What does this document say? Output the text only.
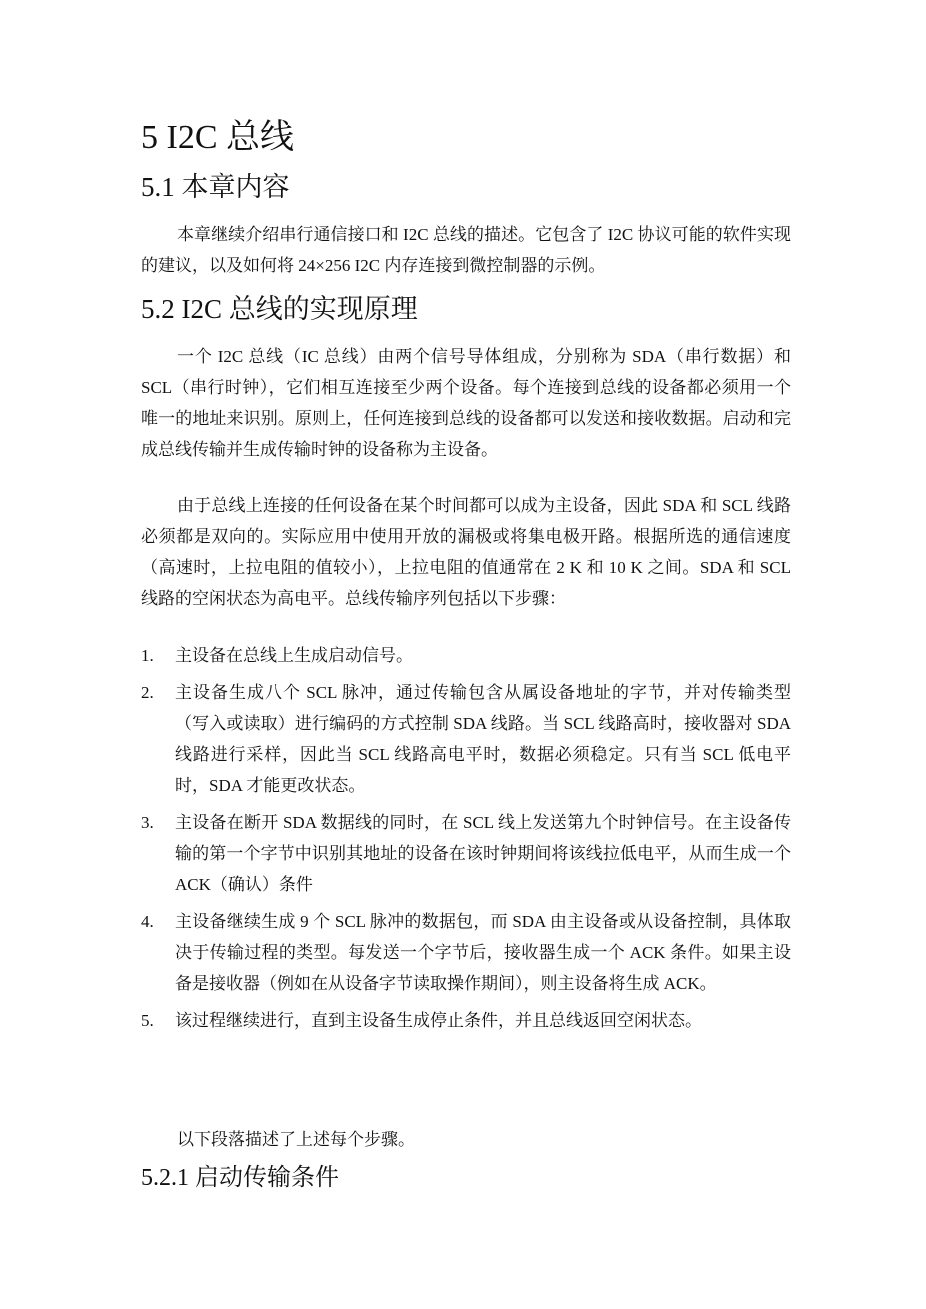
5 I2C 总线
5.1 本章内容

本章继续介绍串行通信接口和 I2C 总线的描述。它包含了 I2C 协议可能的软件实现的建议，以及如何将 24×256 I2C 内存连接到微控制器的示例。

5.2 I2C 总线的实现原理

一个 I2C 总线（IC 总线）由两个信号导体组成，分别称为 SDA（串行数据）和 SCL（串行时钟），它们相互连接至少两个设备。每个连接到总线的设备都必须用一个唯一的地址来识别。原则上，任何连接到总线的设备都可以发送和接收数据。启动和完成总线传输并生成传输时钟的设备称为主设备。

由于总线上连接的任何设备在某个时间都可以成为主设备，因此 SDA 和 SCL 线路必须都是双向的。实际应用中使用开放的漏极或将集电极开路。根据所选的通信速度（高速时，上拉电阻的值较小），上拉电阻的值通常在 2 K 和 10 K 之间。SDA 和 SCL 线路的空闲状态为高电平。总线传输序列包括以下步骤：

1.	主设备在总线上生成启动信号。
2.	主设备生成八个 SCL 脉冲，通过传输包含从属设备地址的字节，并对传输类型（写入或读取）进行编码的方式控制 SDA 线路。当 SCL 线路高时，接收器对 SDA 线路进行采样，因此当 SCL 线路高电平时，数据必须稳定。只有当 SCL 低电平时，SDA 才能更改状态。
3.	主设备在断开 SDA 数据线的同时，在 SCL 线上发送第九个时钟信号。在主设备传输的第一个字节中识别其地址的设备在该时钟期间将该线拉低电平，从而生成一个 ACK（确认）条件
4.	主设备继续生成 9 个 SCL 脉冲的数据包，而 SDA 由主设备或从设备控制，具体取决于传输过程的类型。每发送一个字节后，接收器生成一个 ACK 条件。如果主设备是接收器（例如在从设备字节读取操作期间），则主设备将生成 ACK。
5.	该过程继续进行，直到主设备生成停止条件，并且总线返回空闲状态。

以下段落描述了上述每个步骤。

5.2.1 启动传输条件
